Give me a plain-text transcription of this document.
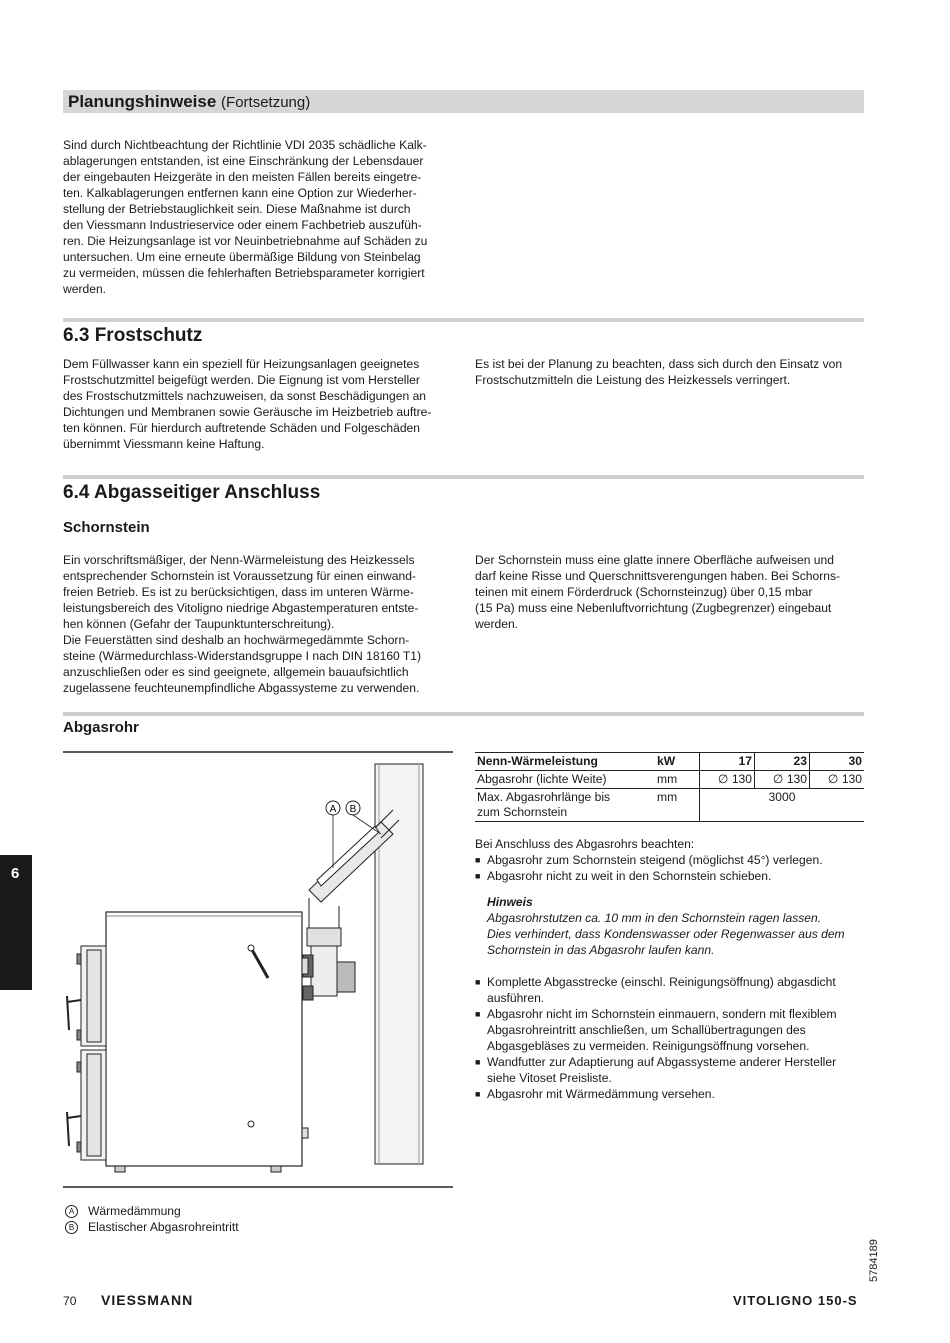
Planungshinweise (Fortsetzung)
Sind durch Nichtbeachtung der Richtlinie VDI 2035 schädliche Kalk-
ablagerungen entstanden, ist eine Einschränkung der Lebensdauer
der eingebauten Heizgeräte in den meisten Fällen bereits eingetre-
ten. Kalkablagerungen entfernen kann eine Option zur Wiederher-
stellung der Betriebstauglichkeit sein. Diese Maßnahme ist durch
den Viessmann Industrieservice oder einem Fachbetrieb auszufüh-
ren. Die Heizungsanlage ist vor Neuinbetriebnahme auf Schäden zu
untersuchen. Um eine erneute übermäßige Bildung von Steinbelag
zu vermeiden, müssen die fehlerhaften Betriebsparameter korrigiert
werden.
6.3 Frostschutz
Dem Füllwasser kann ein speziell für Heizungsanlagen geeignetes
Frostschutzmittel beigefügt werden. Die Eignung ist vom Hersteller
des Frostschutzmittels nachzuweisen, da sonst Beschädigungen an
Dichtungen und Membranen sowie Geräusche im Heizbetrieb auftre-
ten können. Für hierdurch auftretende Schäden und Folgeschäden
übernimmt Viessmann keine Haftung.
Es ist bei der Planung zu beachten, dass sich durch den Einsatz von
Frostschutzmitteln die Leistung des Heizkessels verringert.
6.4 Abgasseitiger Anschluss
Schornstein
Ein vorschriftsmäßiger, der Nenn-Wärmeleistung des Heizkessels
entsprechender Schornstein ist Voraussetzung für einen einwand-
freien Betrieb. Es ist zu berücksichtigen, dass im unteren Wärme-
leistungsbereich des Vitoligno niedrige Abgastemperaturen entste-
hen können (Gefahr der Taupunktunterschreitung).
Die Feuerstätten sind deshalb an hochwärmegedämmte Schorn-
steine (Wärmedurchlass-Widerstandsgruppe I nach DIN 18160 T1)
anzuschließen oder es sind geeignete, allgemein bauaufsichtlich
zugelassene feuchteunempfindliche Abgassysteme zu verwenden.
Der Schornstein muss eine glatte innere Oberfläche aufweisen und
darf keine Risse und Querschnittsverengungen haben. Bei Schorns-
teinen mit einem Förderdruck (Schornsteinzug) über 0,15 mbar
(15 Pa) muss eine Nebenluftvorrichtung (Zugbegrenzer) eingebaut
werden.
Abgasrohr
6
A B
Nenn-Wärmeleistung	kW	17	23	30
Abgasrohr (lichte Weite)	mm	∅ 130	∅ 130	∅ 130

Max. Abgasrohrlänge bis
zum Schornstein	mm	3000		
Bei Anschluss des Abgasrohrs beachten:
■ Abgasrohr zum Schornstein steigend (möglichst 45°) verlegen.
■ Abgasrohr nicht zu weit in den Schornstein schieben.
Hinweis
Abgasrohrstutzen ca. 10 mm in den Schornstein ragen lassen.
Dies verhindert, dass Kondenswasser oder Regenwasser aus dem
Schornstein in das Abgasrohr laufen kann.
■ Komplette Abgasstrecke (einschl. Reinigungsöffnung) abgasdicht
ausführen.
■ Abgasrohr nicht im Schornstein einmauern, sondern mit flexiblem
Abgasrohreintritt anschließen, um Schallübertragungen des
Abgasgebläses zu vermeiden. Reinigungsöffnung vorsehen.
■ Wandfutter zur Adaptierung auf Abgassysteme anderer Hersteller
siehe Vitoset Preisliste.
■ Abgasrohr mit Wärmedämmung versehen.
A Wärmedämmung
B Elastischer Abgasrohreintritt
70 VIESSMANN	VITOLIGNO 150-S
5784189
